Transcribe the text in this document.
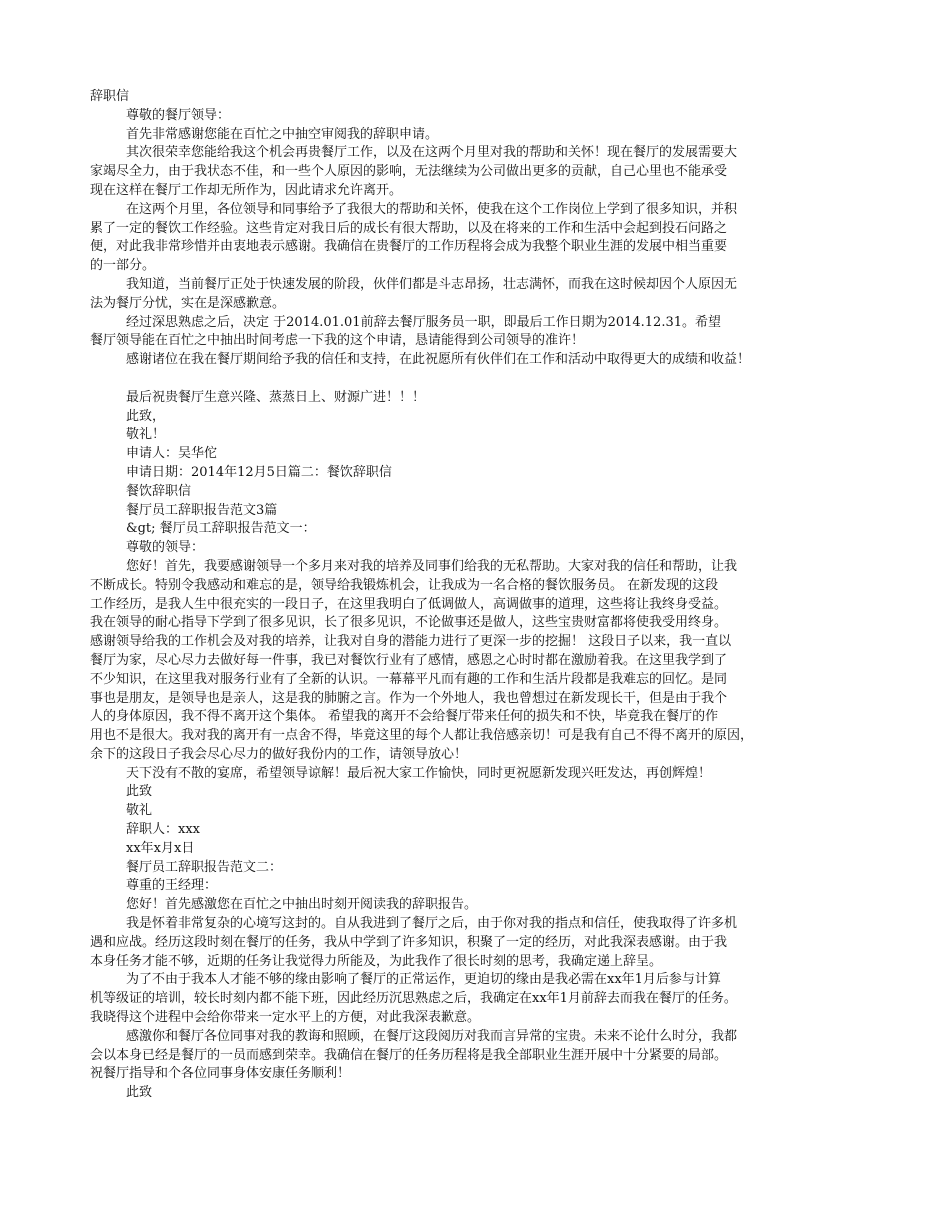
辞职信
尊敬的餐厅领导：
首先非常感谢您能在百忙之中抽空审阅我的辞职申请。
其次很荣幸您能给我这个机会再贵餐厅工作，以及在这两个月里对我的帮助和关怀！现在餐厅的发展需要大
家竭尽全力，由于我状态不佳，和一些个人原因的影响，无法继续为公司做出更多的贡献，自己心里也不能承受
现在这样在餐厅工作却无所作为，因此请求允许离开。
在这两个月里，各位领导和同事给予了我很大的帮助和关怀，使我在这个工作岗位上学到了很多知识，并积
累了一定的餐饮工作经验。这些肯定对我日后的成长有很大帮助，以及在将来的工作和生活中会起到投石问路之
便，对此我非常珍惜并由衷地表示感谢。我确信在贵餐厅的工作历程将会成为我整个职业生涯的发展中相当重要
的一部分。
我知道，当前餐厅正处于快速发展的阶段，伙伴们都是斗志昂扬，壮志满怀，而我在这时候却因个人原因无
法为餐厅分忧，实在是深感歉意。
经过深思熟虑之后，决定 于2014.01.01前辞去餐厅服务员一职，即最后工作日期为2014.12.31。希望
餐厅领导能在百忙之中抽出时间考虑一下我的这个申请，恳请能得到公司领导的准许！
感谢诸位在我在餐厅期间给予我的信任和支持，在此祝愿所有伙伴们在工作和活动中取得更大的成绩和收益！
最后祝贵餐厅生意兴隆、蒸蒸日上、财源广进！！！
此致，
敬礼！
申请人：吴华佗
申请日期：2014年12月5日篇二：餐饮辞职信
餐饮辞职信
餐厅员工辞职报告范文3篇
&gt; 餐厅员工辞职报告范文一：
尊敬的领导：
您好！首先，我要感谢领导一个多月来对我的培养及同事们给我的无私帮助。大家对我的信任和帮助，让我
不断成长。特别令我感动和难忘的是，领导给我锻炼机会，让我成为一名合格的餐饮服务员。 在新发现的这段
工作经历，是我人生中很充实的一段日子，在这里我明白了低调做人，高调做事的道理，这些将让我终身受益。
我在领导的耐心指导下学到了很多见识，长了很多见识，不论做事还是做人，这些宝贵财富都将使我受用终身。
感谢领导给我的工作机会及对我的培养，让我对自身的潜能力进行了更深一步的挖掘！ 这段日子以来，我一直以
餐厅为家，尽心尽力去做好每一件事，我已对餐饮行业有了感情，感恩之心时时都在激励着我。在这里我学到了
不少知识，在这里我对服务行业有了全新的认识。一幕幕平凡而有趣的工作和生活片段都是我难忘的回忆。是同
事也是朋友，是领导也是亲人，这是我的肺腑之言。作为一个外地人，我也曾想过在新发现长干，但是由于我个
人的身体原因，我不得不离开这个集体。 希望我的离开不会给餐厅带来任何的损失和不快，毕竟我在餐厅的作
用也不是很大。我对我的离开有一点舍不得，毕竟这里的每个人都让我倍感亲切！可是我有自己不得不离开的原因，
余下的这段日子我会尽心尽力的做好我份内的工作，请领导放心！
天下没有不散的宴席，希望领导谅解！最后祝大家工作愉快，同时更祝愿新发现兴旺发达，再创辉煌！
此致
敬礼
辞职人：xxx
xx年x月x日
餐厅员工辞职报告范文二：
尊重的王经理：
您好！首先感激您在百忙之中抽出时刻开阅读我的辞职报告。
我是怀着非常复杂的心境写这封的。自从我进到了餐厅之后，由于你对我的指点和信任，使我取得了许多机
遇和应战。经历这段时刻在餐厅的任务，我从中学到了许多知识，积聚了一定的经历，对此我深表感谢。由于我
本身任务才能不够，近期的任务让我觉得力所能及，为此我作了很长时刻的思考，我确定递上辞呈。
为了不由于我本人才能不够的缘由影响了餐厅的正常运作，更迫切的缘由是我必需在xx年1月后参与计算
机等级证的培训，较长时刻内都不能下班，因此经历沉思熟虑之后，我确定在xx年1月前辞去而我在餐厅的任务。
我晓得这个进程中会给你带来一定水平上的方便，对此我深表歉意。
感激你和餐厅各位同事对我的教诲和照顾，在餐厅这段阅历对我而言异常的宝贵。未来不论什么时分，我都
会以本身已经是餐厅的一员而感到荣幸。我确信在餐厅的任务历程将是我全部职业生涯开展中十分紧要的局部。
祝餐厅指导和个各位同事身体安康任务顺利！
此致
